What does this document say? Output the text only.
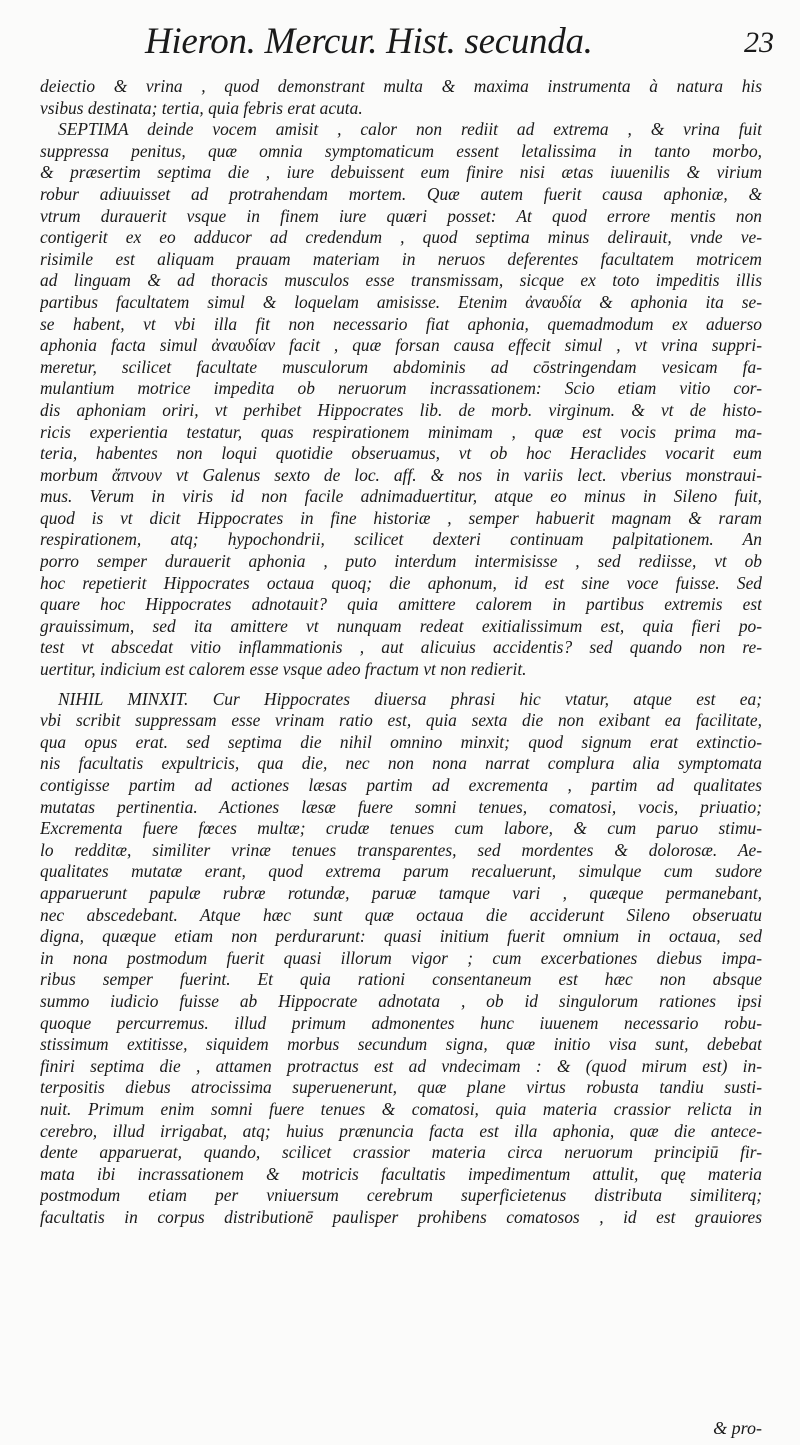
Hieron. Mercur. Hist. secunda.	23
deiectio & vrina , quod demonstrant multa & maxima instrumenta à natura his
vsibus destinata; tertia, quia febris erat acuta.
SEPTIMA deinde vocem amisit , calor non rediit ad extrema , & vrina fuit
suppressa penitus, quæ omnia symptomaticum essent letalissima in tanto morbo,
& præsertim septima die , iure debuissent eum finire nisi ætas iuuenilis & virium
robur adiuuisset ad protrahendam mortem. Quæ autem fuerit causa aphoniæ, &
vtrum durauerit vsque in finem iure quæri posset: At quod errore mentis non
contigerit ex eo adducor ad credendum , quod septima minus delirauit, vnde ve-
risimile est aliquam prauam materiam in neruos deferentes facultatem motricem
ad linguam & ad thoracis musculos esse transmissam, sicque ex toto impeditis illis
partibus facultatem simul & loquelam amisisse. Etenim ἀναυδία & aphonia ita se-
se habent, vt vbi illa fit non necessario fiat aphonia, quemadmodum ex aduerso
aphonia facta simul ἀναυδίαν facit , quæ forsan causa effecit simul , vt vrina suppri-
meretur, scilicet facultate musculorum abdominis ad cōstringendam vesicam fa-
mulantium motrice impedita ob neruorum incrassationem: Scio etiam vitio cor-
dis aphoniam oriri, vt perhibet Hippocrates lib. de morb. virginum. & vt de histo-
ricis experientia testatur, quas respirationem minimam , quæ est vocis prima ma-
teria, habentes non loqui quotidie obseruamus, vt ob hoc Heraclides vocarit eum
morbum ἄπνουν vt Galenus sexto de loc. aff. & nos in variis lect. vberius monstraui-
mus. Verum in viris id non facile adnimaduertitur, atque eo minus in Sileno fuit,
quod is vt dicit Hippocrates in fine historiæ , semper habuerit magnam & raram
respirationem, atq; hypochondrii, scilicet dexteri continuam palpitationem. An
porro semper durauerit aphonia , puto interdum intermisisse , sed rediisse, vt ob
hoc repetierit Hippocrates octaua quoq; die aphonum, id est sine voce fuisse. Sed
quare hoc Hippocrates adnotauit? quia amittere calorem in partibus extremis est
grauissimum, sed ita amittere vt nunquam redeat exitialissimum est, quia fieri po-
test vt abscedat vitio inflammationis , aut alicuius accidentis? sed quando non re-
uertitur, indicium est calorem esse vsque adeo fractum vt non redierit.
NIHIL MINXIT. Cur Hippocrates diuersa phrasi hic vtatur, atque est ea;
vbi scribit suppressam esse vrinam ratio est, quia sexta die non exibant ea facilitate,
qua opus erat. sed septima die nihil omnino minxit; quod signum erat extinctio-
nis facultatis expultricis, qua die, nec non nona narrat complura alia symptomata
contigisse partim ad actiones læsas partim ad excrementa , partim ad qualitates
mutatas pertinentia. Actiones læsæ fuere somni tenues, comatosi, vocis, priuatio;
Excrementa fuere fœces multæ; crudæ tenues cum labore, & cum paruo stimu-
lo redditæ, similiter vrinæ tenues transparentes, sed mordentes & dolorosæ. Ae-
qualitates mutatæ erant, quod extrema parum recaluerunt, simulque cum sudore
apparuerunt papulæ rubræ rotundæ, paruæ tamque vari , quæque permanebant,
nec abscedebant. Atque hæc sunt quæ octaua die acciderunt Sileno obseruatu
digna, quæque etiam non perdurarunt: quasi initium fuerit omnium in octaua, sed
in nona postmodum fuerit quasi illorum vigor ; cum excerbationes diebus impa-
ribus semper fuerint. Et quia rationi consentaneum est hæc non absque
summo iudicio fuisse ab Hippocrate adnotata , ob id singulorum rationes ipsi
quoque percurremus. illud primum admonentes hunc iuuenem necessario robu-
stissimum extitisse, siquidem morbus secundum signa, quæ initio visa sunt, debebat
finiri septima die , attamen protractus est ad vndecimam : & (quod mirum est) in-
terpositis diebus atrocissima superuenerunt, quæ plane virtus robusta tandiu susti-
nuit. Primum enim somni fuere tenues & comatosi, quia materia crassior relicta in
cerebro, illud irrigabat, atq; huius prænuncia facta est illa aphonia, quæ die antece-
dente apparuerat, quando, scilicet crassior materia circa neruorum principiū fir-
mata ibi incrassationem & motricis facultatis impedimentum attulit, quę materia
postmodum etiam per vniuersum cerebrum superficietenus distributa similiterq;
facultatis in corpus distributionē paulisper prohibens comatosos , id est grauiores
& pro-
